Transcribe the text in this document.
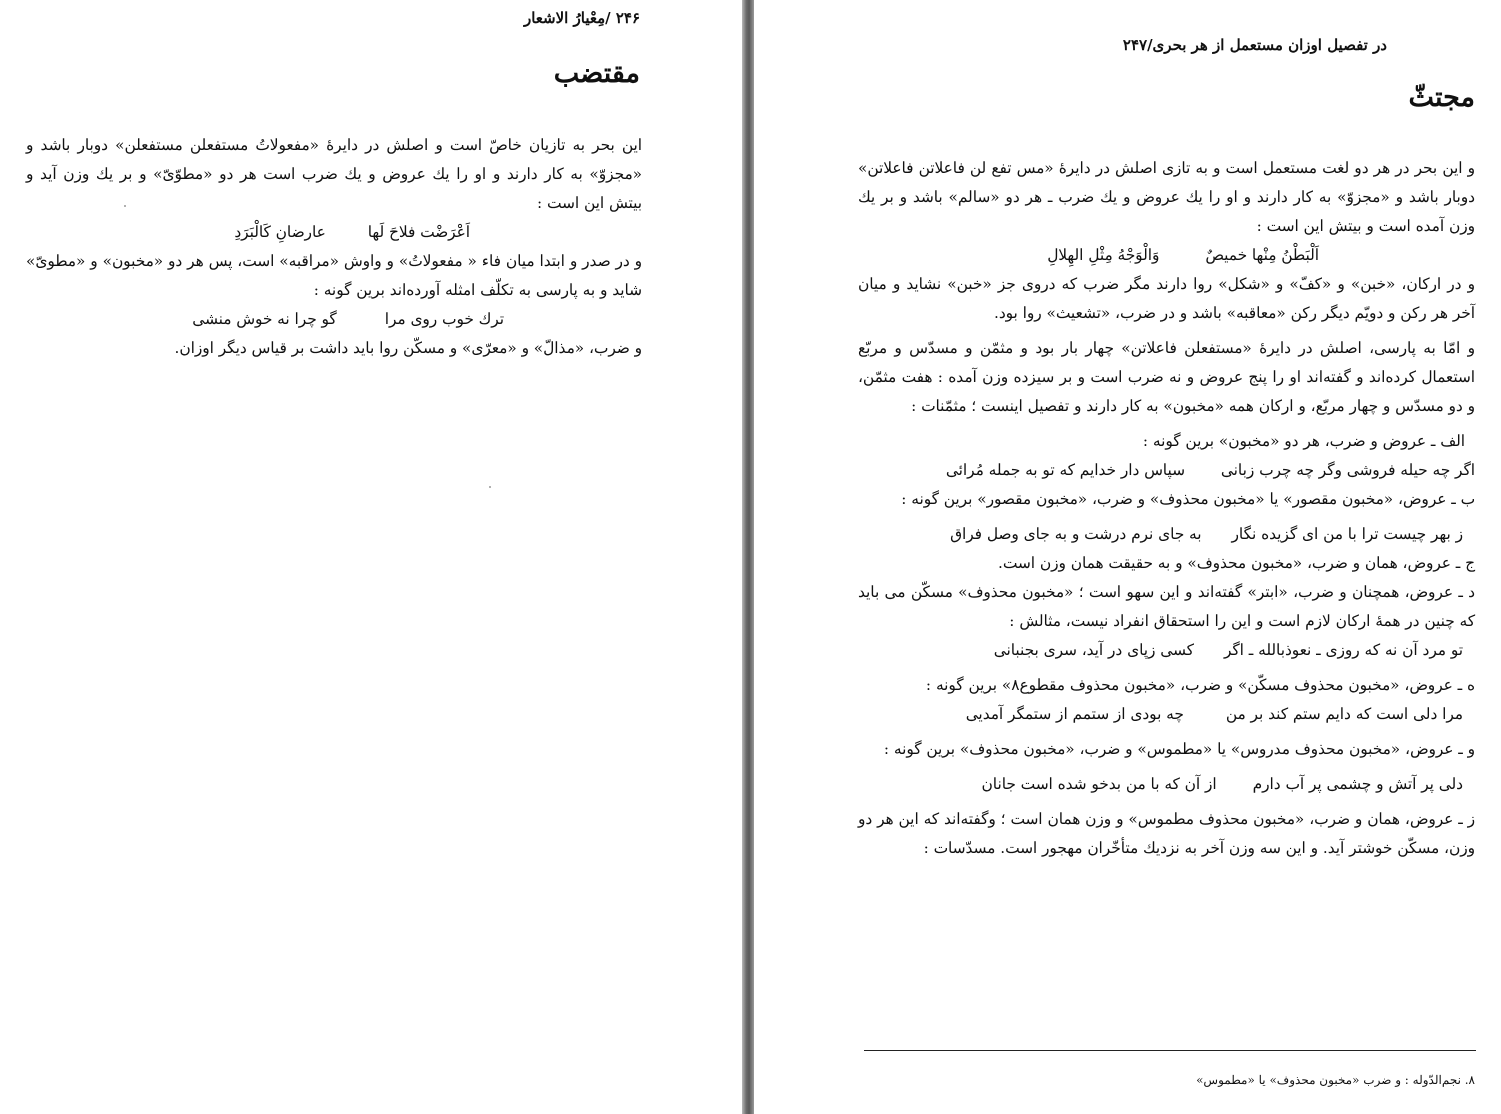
۲۴۶ /مِعْیارُ الاشعار
مقتضب

این بحر به تازیان خاصّ است و اصلش در دایرهٔ «مفعولاتُ مستفعلن مستفعلن» دوبار باشد و «مجزوّ» به کار دارند و او را یك عروض و یك ضرب است هر دو «مطوّیّ» و بر یك وزن آید و بیتش این است :

اَعْرَضْت فلاحَ لَها
عارضانِ کَالْبَرَدِ

و در صدر و ابتدا میان فاء « مفعولاتُ» و واوش «مراقبه» است، پس هر دو «مخبون» و «مطویّ» شاید و به پارسی به تکلّف امثله آورده‌اند برین گونه :

ترك خوب روی مرا
گو چرا نه خوش منشی

و ضرب، «مذالّ» و «معرّی» و مسکّن روا باید داشت بر قیاس دیگر اوزان.

در تفصیل اوزان مستعمل از هر بحری/۲۴۷
مجتثّ

و این بحر در هر دو لغت مستعمل است و به تازی اصلش در دایرهٔ «مس تفع لن فاعلاتن فاعلاتن» دوبار باشد و «مجزوّ» به کار دارند و او را یك عروض و یك ضرب ـ هر دو «سالم» باشد و بر یك وزن آمده است و بیتش این است :

اَلْبَطْنُ مِنْها خمیصٌ
وَالْوَجْهُ مِثْلِ الهِلالِ

و در ارکان، «خبن» و «کفّ» و «شکل» روا دارند مگر ضرب که دروی جز «خبن» نشاید و میان آخر هر رکن و دویّم دیگر رکن «معاقبه» باشد و در ضرب، «تشعیث» روا بود.

و امّا به پارسی، اصلش در دایرهٔ «مستفعلن فاعلاتن» چهار بار بود و مثمّن و مسدّس و مربّع استعمال کرده‌اند و گفته‌اند او را پنج عروض و نه ضرب است و بر سیزده وزن آمده : هفت مثمّن، و دو مسدّس و چهار مربّع، و ارکان همه «مخبون» به کار دارند و تفصیل اینست ؛ مثمّنات :

الف ـ عروض و ضرب، هر دو «مخبون» برین گونه :

اگر چه حیله فروشی وگر چه چرب زبانی
سپاس دار خدایم که تو به جمله مُرائی

ب ـ عروض، «مخبون مقصور» یا «مخبون محذوف» و ضرب، «مخبون مقصور» برین گونه :

ز بهر چیست ترا با من ای گزیده نگار
به جای نرم درشت و به جای وصل فراق

ج ـ عروض، همان و ضرب، «مخبون محذوف» و به حقیقت همان وزن است.

د ـ عروض، همچنان و ضرب، «ابتر» گفته‌اند و این سهو است ؛ «مخبون محذوف» مسکّن می باید که چنین در همهٔ ارکان لازم است و این را استحقاق انفراد نیست، مثالش :

تو مرد آن نه که روزی ـ نعوذبالله ـ اگر
کسی زپای در آید، سری بجنبانی

ه ـ عروض، «مخبون محذوف مسکّن» و ضرب، «مخبون محذوف مقطوع۸» برین گونه :

مرا دلی است که دایم ستم کند بر من
چه بودی از ستمم از ستمگر آمدیی

و ـ عروض، «مخبون محذوف مدروس» یا «مطموس» و ضرب، «مخبون محذوف» برین گونه :

دلی پر آتش و چشمی پر آب دارم
از آن که با من بدخو شده است جانان

ز ـ عروض، همان و ضرب، «مخبون محذوف مطموس» و وزن همان است ؛ وگفته‌اند که این هر دو وزن، مسکّن خوشتر آید. و این سه وزن آخر به نزدیك متأخّران مهجور است. مسدّسات :

۸. نجم‌الدّوله : و ضرب «مخبون محذوف» یا «مطموس»
